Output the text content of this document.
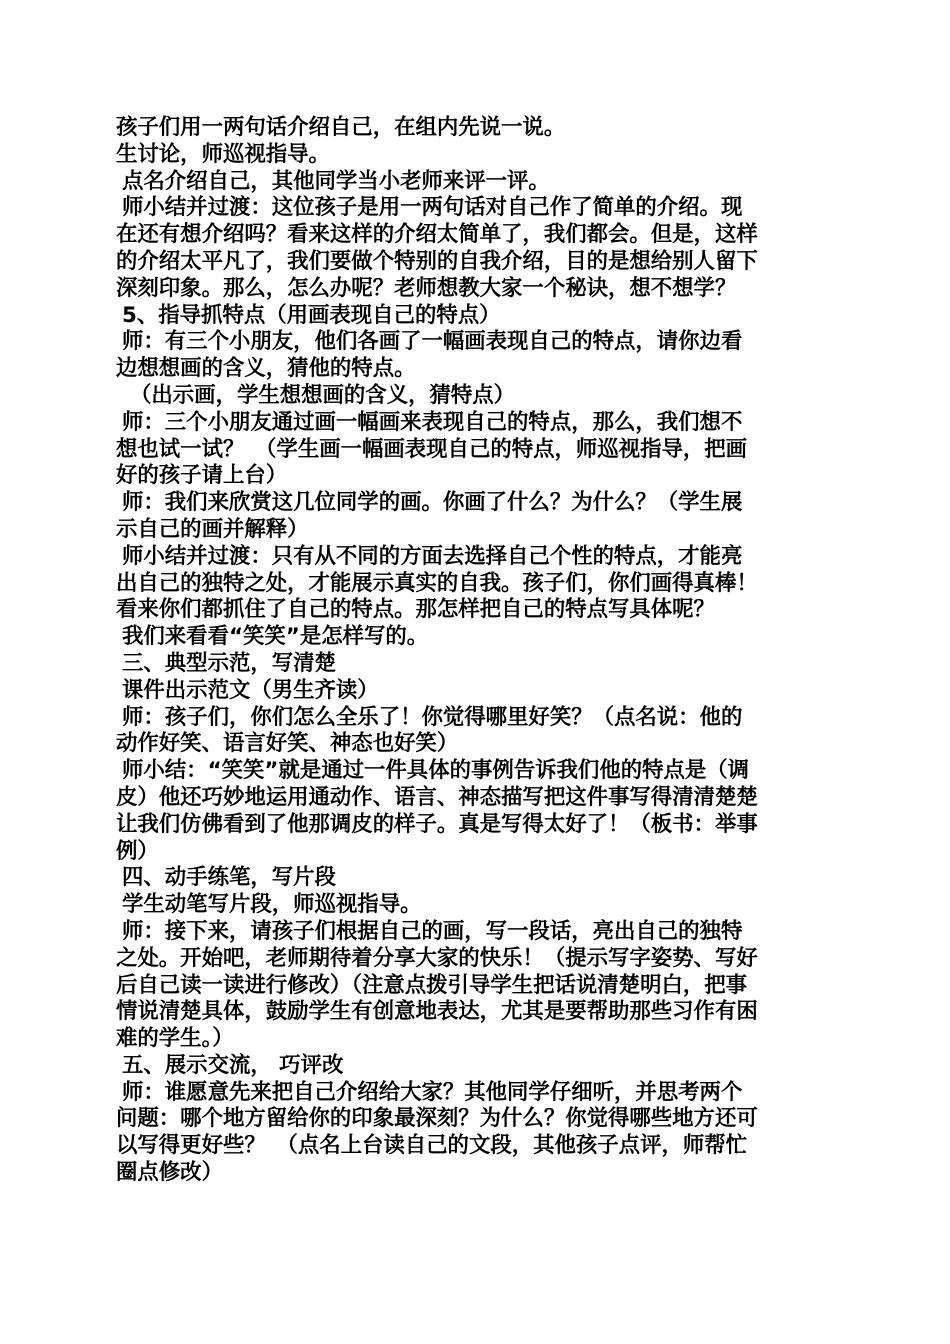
孩子们用一两句话介绍自己，在组内先说一说。
生讨论，师巡视指导。
点名介绍自己，其他同学当小老师来评一评。
师小结并过渡：这位孩子是用一两句话对自己作了简单的介绍。现
在还有想介绍吗？看来这样的介绍太简单了，我们都会。但是，这样
的介绍太平凡了，我们要做个特别的自我介绍，目的是想给别人留下
深刻印象。那么，怎么办呢？老师想教大家一个秘诀，想不想学？
5、指导抓特点（用画表现自己的特点）
师：有三个小朋友，他们各画了一幅画表现自己的特点，请你边看
边想想画的含义，猜他的特点。
（出示画，学生想想画的含义，猜特点）
师：三个小朋友通过画一幅画来表现自己的特点，那么，我们想不
想也试一试？　（学生画一幅画表现自己的特点，师巡视指导，把画
好的孩子请上台）
师：我们来欣赏这几位同学的画。你画了什么？为什么？（学生展
示自己的画并解释）
师小结并过渡：只有从不同的方面去选择自己个性的特点，才能亮
出自己的独特之处，才能展示真实的自我。孩子们，你们画得真棒！
看来你们都抓住了自己的特点。那怎样把自己的特点写具体呢？
我们来看看“笑笑”是怎样写的。
三、典型示范，写清楚
课件出示范文（男生齐读）
师：孩子们，你们怎么全乐了！你觉得哪里好笑？（点名说：他的
动作好笑、语言好笑、神态也好笑）
师小结：“笑笑”就是通过一件具体的事例告诉我们他的特点是（调
皮）他还巧妙地运用通动作、语言、神态描写把这件事写得清清楚楚
让我们仿佛看到了他那调皮的样子。真是写得太好了！（板书：举事
例）
四、动手练笔，写片段
学生动笔写片段，师巡视指导。
师：接下来，请孩子们根据自己的画，写一段话，亮出自己的独特
之处。开始吧，老师期待着分享大家的快乐！（提示写字姿势、写好
后自己读一读进行修改）（注意点拨引导学生把话说清楚明白，把事
情说清楚具体，鼓励学生有创意地表达，尤其是要帮助那些习作有困
难的学生。）
五、展示交流， 巧评改
师：谁愿意先来把自己介绍给大家？其他同学仔细听，并思考两个
问题：哪个地方留给你的印象最深刻？为什么？你觉得哪些地方还可
以写得更好些？　（点名上台读自己的文段，其他孩子点评，师帮忙
圈点修改）
